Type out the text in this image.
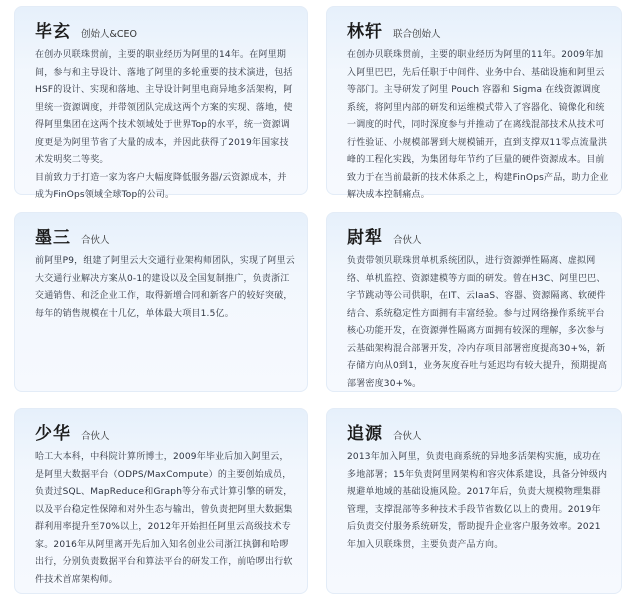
毕玄 创始人&CEO

在创办贝联珠贯前，主要的职业经历为阿里的14年。在阿里期间，参与和主导设计、落地了阿里的多轮重要的技术演进，包括HSF的设计、实现和落地、主导设计阿里电商异地多活架构，阿里统一资源调度，并带领团队完成这两个方案的实现、落地，使得阿里集团在这两个技术领域处于世界Top的水平，统一资源调度更是为阿里节省了大量的成本，并因此获得了2019年国家技术发明奖二等奖。

目前致力于打造一家为客户大幅度降低服务器/云资源成本，并成为FinOps领域全球Top的公司。

林轩 联合创始人

在创办贝联珠贯前，主要的职业经历为阿里的11年。2009年加入阿里巴巴，先后任职于中间件、业务中台、基础设施和阿里云等部门。主导研发了阿里 Pouch 容器和 Sigma 在线资源调度系统，将阿里内部的研发和运维模式带入了容器化、镜像化和统一调度的时代，同时深度参与并推动了在离线混部技术从技术可行性验证、小规模部署到大规模铺开，直到支撑双11零点流量洪峰的工程化实践，为集团每年节约了巨量的硬件资源成本。目前致力于在当前最新的技术体系之上，构建FinOps产品，助力企业解决成本控制痛点。

墨三 合伙人

前阿里P9，组建了阿里云大交通行业架构师团队，实现了阿里云大交通行业解决方案从0-1的建设以及全国复制推广，负责浙江交通销售、和泛企业工作，取得新增合同和新客户的较好突破，每年的销售规模在十几亿，单体最大项目1.5亿。

尉犁 合伙人

负责带领贝联珠贯单机系统团队，进行资源弹性隔离、虚拟网络、单机监控、资源建模等方面的研发。曾在H3C、阿里巴巴、字节跳动等公司供职，在IT、云IaaS、容器、资源隔离、软硬件结合、系统稳定性方面拥有丰富经验。参与过网络操作系统平台核心功能开发，在资源弹性隔离方面拥有较深的理解，多次参与云基础架构混合部署开发，冷内存项目部署密度提高30+%，新存储方向从0到1，业务灰度吞吐与延迟均有较大提升，预期提高部署密度30+%。

少华 合伙人

哈工大本科，中科院计算所博士，2009年毕业后加入阿里云，是阿里大数据平台（ODPS/MaxCompute）的主要创始成员，负责过SQL、MapReduce和Graph等分布式计算引擎的研发，以及平台稳定性保障和对外生态与输出，曾负责把阿里大数据集群利用率提升至70%以上，2012年开始担任阿里云高级技术专家。2016年从阿里离开先后加入知名创业公司浙江执御和哈啰出行，分别负责数据平台和算法平台的研发工作，前哈啰出行软件技术首席架构师。

追源 合伙人

2013年加入阿里，负责电商系统的异地多活架构实施，成功在多地部署；15年负责阿里网架构和容灾体系建设，具备分钟级内规避单地域的基础设施风险。2017年后，负责大规模物理集群管理，支撑混部等多种技术手段节省数亿以上的费用。2019年后负责交付服务系统研发，帮助提升企业客户服务效率。2021年加入贝联珠贯，主要负责产品方向。
